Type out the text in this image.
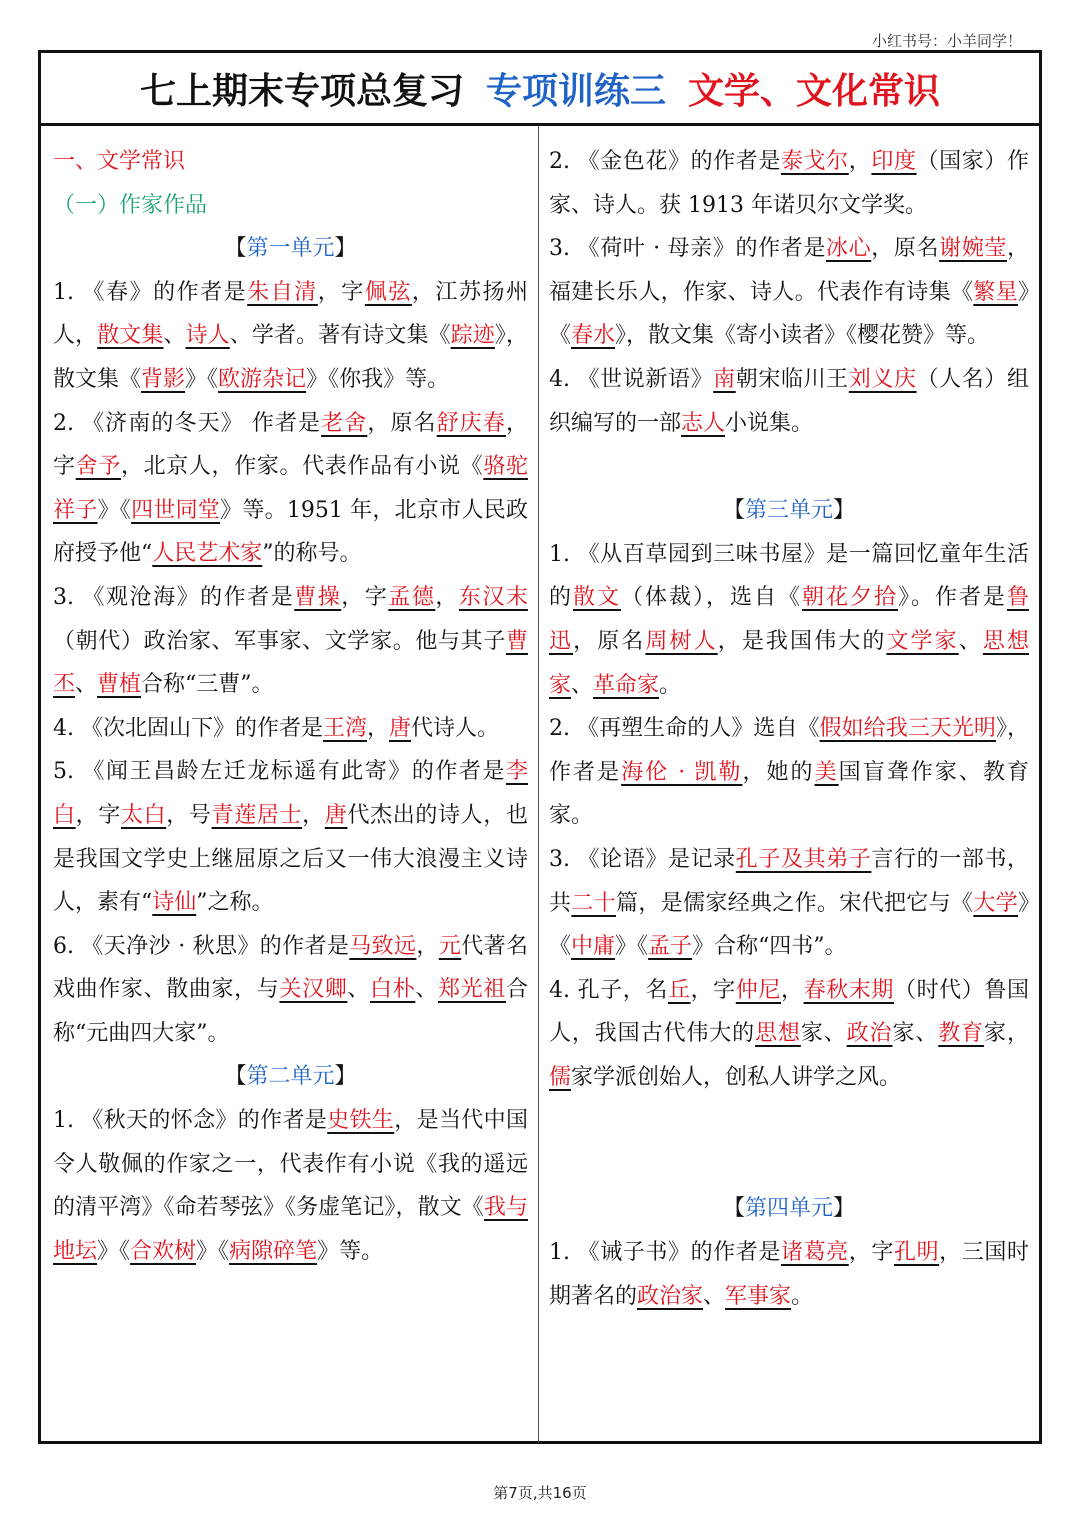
小红书号：小羊同学！
七上期末专项总复习 专项训练三 文学、文化常识

一、文学常识

（一）作家作品

【第一单元】

1. 《春》的作者是朱自清，字佩弦，江苏扬州人，散文集、诗人、学者。著有诗文集《踪迹》，散文集《背影》《欧游杂记》《你我》等。

2. 《济南的冬天》 作者是老舍，原名舒庆春，字舍予，北京人，作家。代表作品有小说《骆驼祥子》《四世同堂》等。1951 年，北京市人民政府授予他“人民艺术家”的称号。

3. 《观沧海》的作者是曹操，字孟德，东汉末（朝代）政治家、军事家、文学家。他与其子曹丕、曹植合称“三曹”。

4. 《次北固山下》的作者是王湾，唐代诗人。

5. 《闻王昌龄左迁龙标遥有此寄》的作者是李白，字太白，号青莲居士，唐代杰出的诗人，也是我国文学史上继屈原之后又一伟大浪漫主义诗人，素有“诗仙”之称。

6. 《天净沙 · 秋思》的作者是马致远，元代著名戏曲作家、散曲家，与关汉卿、白朴、郑光祖合称“元曲四大家”。

【第二单元】

1. 《秋天的怀念》的作者是史铁生，是当代中国令人敬佩的作家之一，代表作有小说《我的遥远的清平湾》《命若琴弦》《务虚笔记》，散文《我与地坛》《合欢树》《病隙碎笔》等。

2. 《金色花》的作者是泰戈尔，印度（国家）作家、诗人。获 1913 年诺贝尔文学奖。

3. 《荷叶 · 母亲》的作者是冰心，原名谢婉莹，福建长乐人，作家、诗人。代表作有诗集《繁星》《春水》，散文集《寄小读者》《樱花赞》等。

4. 《世说新语》南朝宋临川王刘义庆（人名）组织编写的一部志人小说集。

【第三单元】

1. 《从百草园到三味书屋》是一篇回忆童年生活的散文（体裁），选自《朝花夕拾》。作者是鲁迅，原名周树人，是我国伟大的文学家、思想家、革命家。

2. 《再塑生命的人》选自《假如给我三天光明》，作者是海伦 · 凯勒，她的美国盲聋作家、教育家。

3. 《论语》是记录孔子及其弟子言行的一部书，共二十篇，是儒家经典之作。宋代把它与《大学》《中庸》《孟子》合称“四书”。

4. 孔子，名丘，字仲尼，春秋末期（时代）鲁国人，我国古代伟大的思想家、政治家、教育家，儒家学派创始人，创私人讲学之风。

【第四单元】

1. 《诫子书》的作者是诸葛亮，字孔明，三国时期著名的政治家、军事家。

第7页,共16页
